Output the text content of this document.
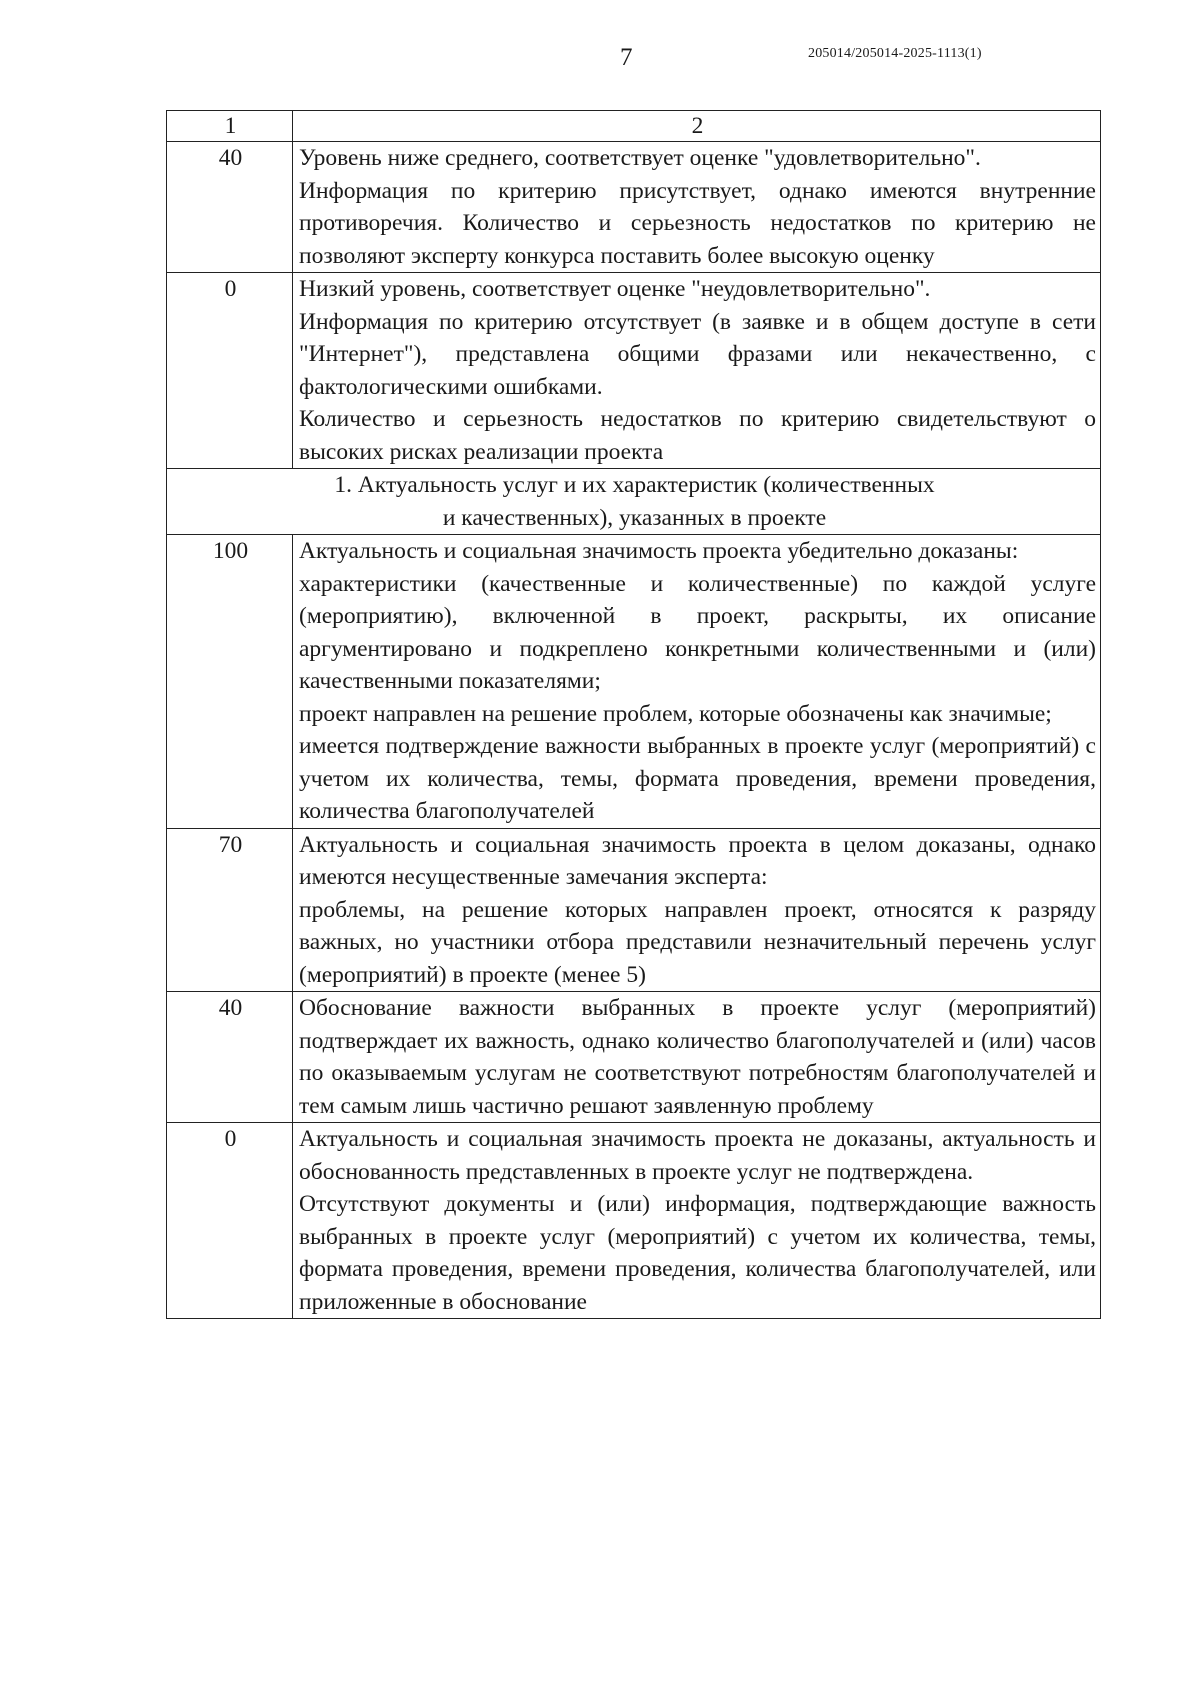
7	205014/205014-2025-1113(1)
1	2
40	Уровень ниже среднего, соответствует оценке "удовлетворительно".

Информация по критерию присутствует, однако имеются внутренние противоречия. Количество и серьезность недостатков по критерию не позволяют эксперту конкурса поставить более высокую оценку

0	Низкий уровень, соответствует оценке "неудовлетворительно".

Информация по критерию отсутствует (в заявке и в общем доступе в сети "Интернет"), представлена общими фразами или некачественно, с фактологическими ошибками.

Количество и серьезность недостатков по критерию свидетельствуют о высоких рисках реализации проекта

1. Актуальность услуг и их характеристик (количественных
и качественных), указанных в проекте	

100	Актуальность и социальная значимость проекта убедительно доказаны:

характеристики (качественные и количественные) по каждой услуге (мероприятию), включенной в проект, раскрыты, их описание аргументировано и подкреплено конкретными количественными и (или) качественными показателями;

проект направлен на решение проблем, которые обозначены как значимые;

имеется подтверждение важности выбранных в проекте услуг (мероприятий) с учетом их количества, темы, формата проведения, времени проведения, количества благополучателей

70	Актуальность и социальная значимость проекта в целом доказаны, однако имеются несущественные замечания эксперта:

проблемы, на решение которых направлен проект, относятся к разряду важных, но участники отбора представили незначительный перечень услуг (мероприятий) в проекте (менее 5)

40	Обоснование важности выбранных в проекте услуг (мероприятий) подтверждает их важность, однако количество благополучателей и (или) часов по оказываемым услугам не соответствуют потребностям благополучателей и тем самым лишь частично решают заявленную проблему

0	Актуальность и социальная значимость проекта не доказаны, актуальность и обоснованность представленных в проекте услуг не подтверждена.

Отсутствуют документы и (или) информация, подтверждающие важность выбранных в проекте услуг (мероприятий) с учетом их количества, темы, формата проведения, времени проведения, количества благополучателей, или приложенные в обоснование
